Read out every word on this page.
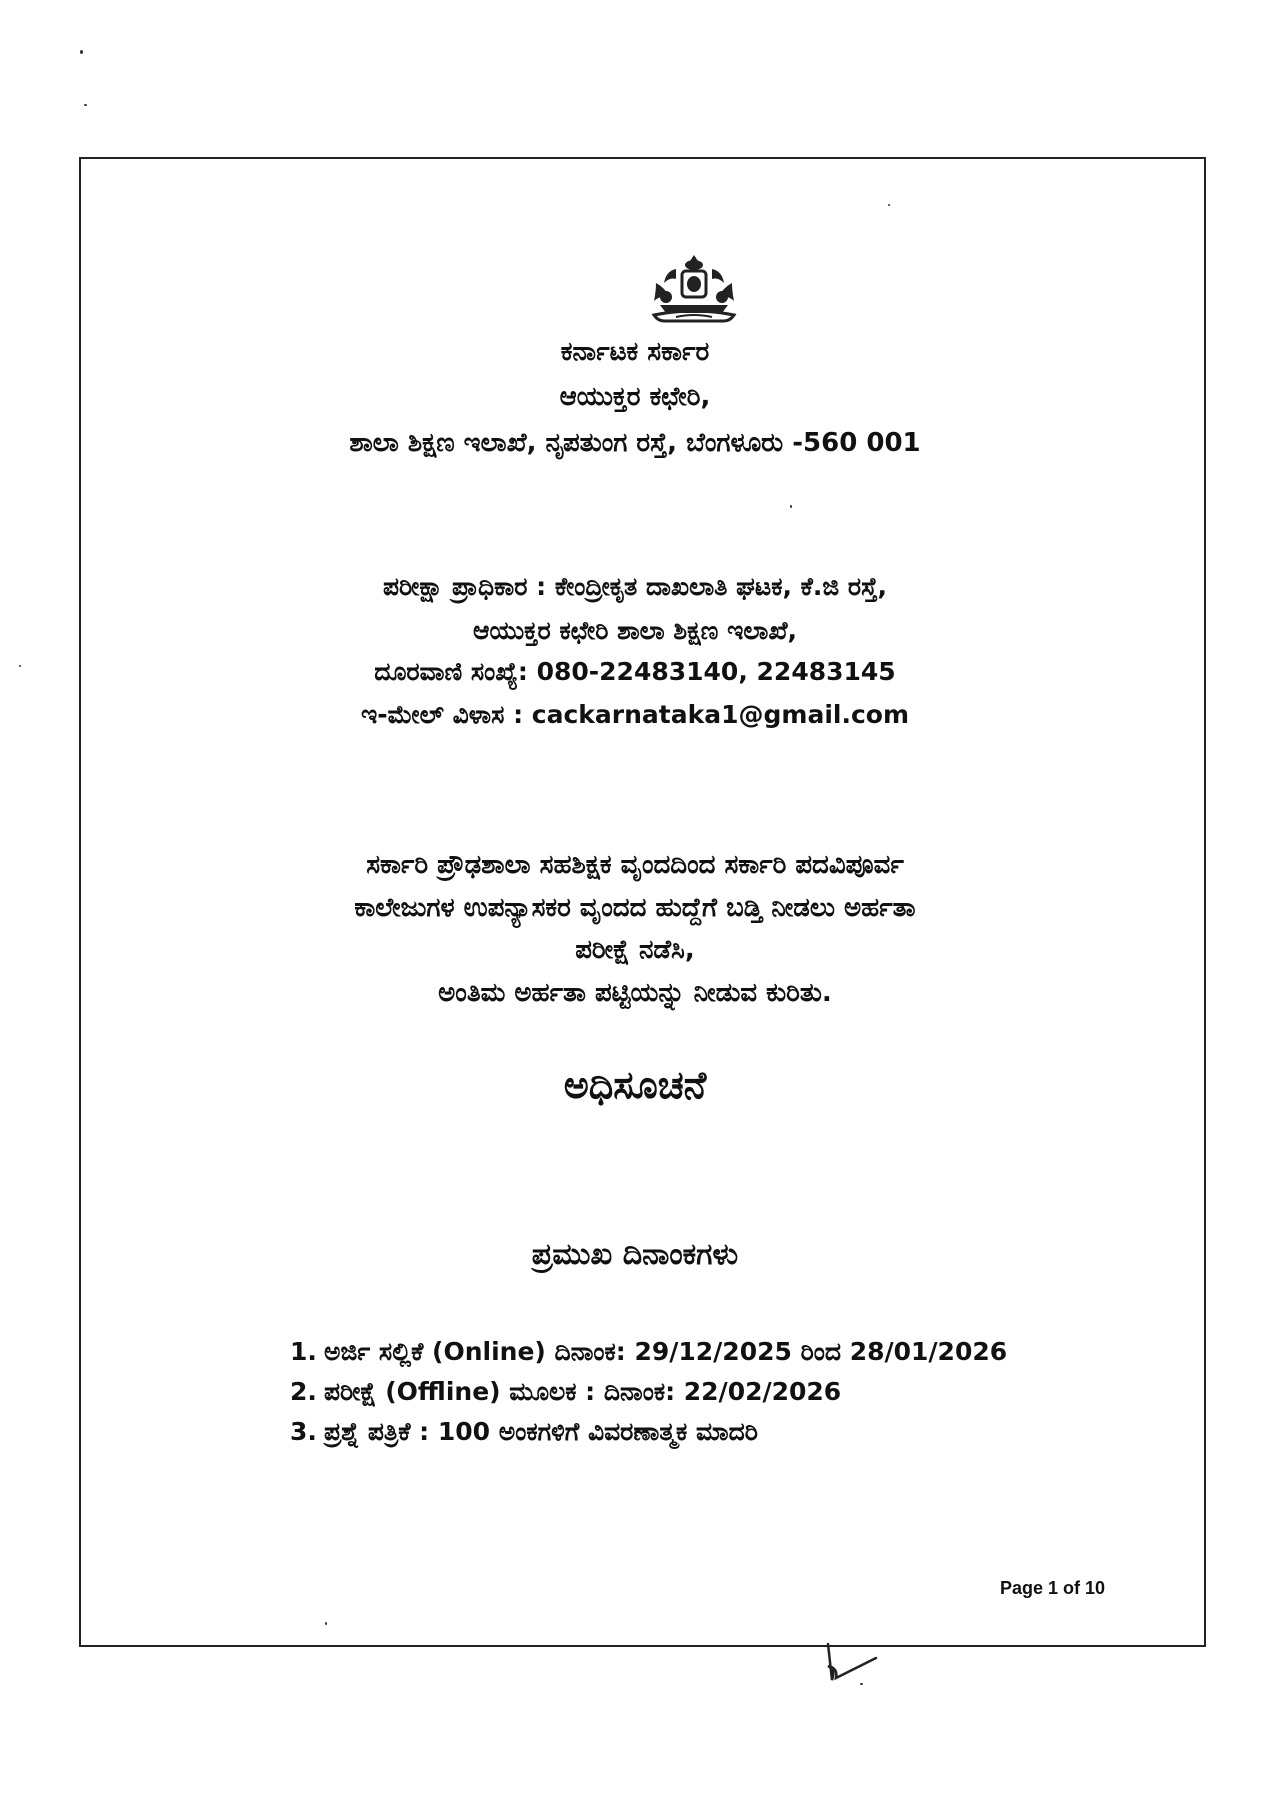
ಕರ್ನಾಟಕ ಸರ್ಕಾರ
ಆಯುಕ್ತರ ಕಛೇರಿ,
ಶಾಲಾ ಶಿಕ್ಷಣ ಇಲಾಖೆ, ನೃಪತುಂಗ ರಸ್ತೆ, ಬೆಂಗಳೂರು -560 001
ಪರೀಕ್ಷಾ ಪ್ರಾಧಿಕಾರ : ಕೇಂದ್ರೀಕೃತ ದಾಖಲಾತಿ ಘಟಕ, ಕೆ.ಜಿ ರಸ್ತೆ,
ಆಯುಕ್ತರ ಕಛೇರಿ ಶಾಲಾ ಶಿಕ್ಷಣ ಇಲಾಖೆ,
ದೂರವಾಣಿ ಸಂಖ್ಯೆ: 080-22483140, 22483145
ಇ-ಮೇಲ್ ವಿಳಾಸ : cackarnataka1@gmail.com
ಸರ್ಕಾರಿ ಪ್ರೌಢಶಾಲಾ ಸಹಶಿಕ್ಷಕ ವೃಂದದಿಂದ ಸರ್ಕಾರಿ ಪದವಿಪೂರ್ವ
ಕಾಲೇಜುಗಳ ಉಪನ್ಯಾಸಕರ ವೃಂದದ ಹುದ್ದೆಗೆ ಬಡ್ತಿ ನೀಡಲು ಅರ್ಹತಾ
ಪರೀಕ್ಷೆ ನಡೆಸಿ,
ಅಂತಿಮ ಅರ್ಹತಾ ಪಟ್ಟಿಯನ್ನು ನೀಡುವ ಕುರಿತು.
ಅಧಿಸೂಚನೆ
ಪ್ರಮುಖ ದಿನಾಂಕಗಳು
1. ಅರ್ಜಿ ಸಲ್ಲಿಕೆ (Online) ದಿನಾಂಕ: 29/12/2025 ರಿಂದ 28/01/2026
2. ಪರೀಕ್ಷೆ (Offline) ಮೂಲಕ : ದಿನಾಂಕ: 22/02/2026
3. ಪ್ರಶ್ನೆ ಪತ್ರಿಕೆ : 100 ಅಂಕಗಳಿಗೆ ವಿವರಣಾತ್ಮಕ ಮಾದರಿ
Page 1 of 10
